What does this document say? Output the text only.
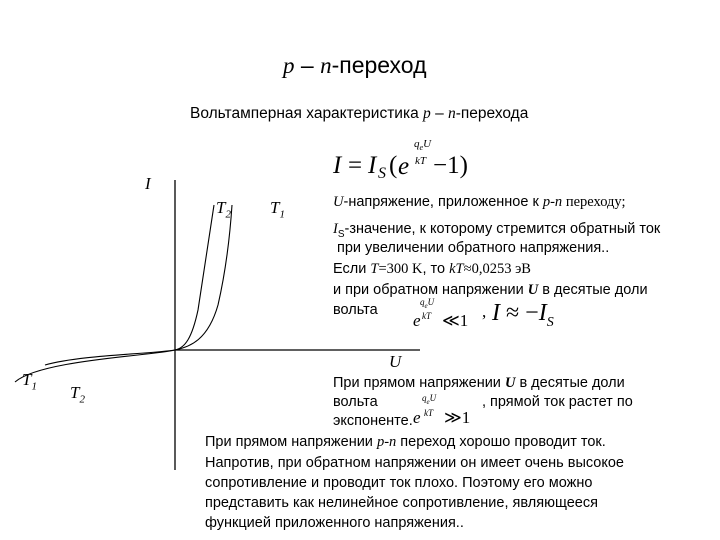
p – n-переход
Вольтамперная характеристика p – n-перехода
I = I S ( e
$q_eU$
kT −1)
I
U
$T_2$ $T_1$
$T_1$ $T_2$
U-напряжение, приложенное к p-n переходу;
$I_S$-значение, к которому стремится обратный ток
при увеличении обратного напряжения..
Если T=300 K, то kT≈0,0253 эВ
и при обратном напряжении U в десятые доли
вольта
e
$q_eU$
kT ≪1 , $I \approx -I_S$
При прямом напряжении U в десятые доли
вольта	, прямой ток растет по
экспоненте. e
$q_eU$
kT ≫1
При прямом напряжении p-n переход хорошо проводит ток.
Напротив, при обратном напряжении он имеет очень высокое
сопротивление и проводит ток плохо. Поэтому его можно
представить как нелинейное сопротивление, являющееся
функцией приложенного напряжения..
